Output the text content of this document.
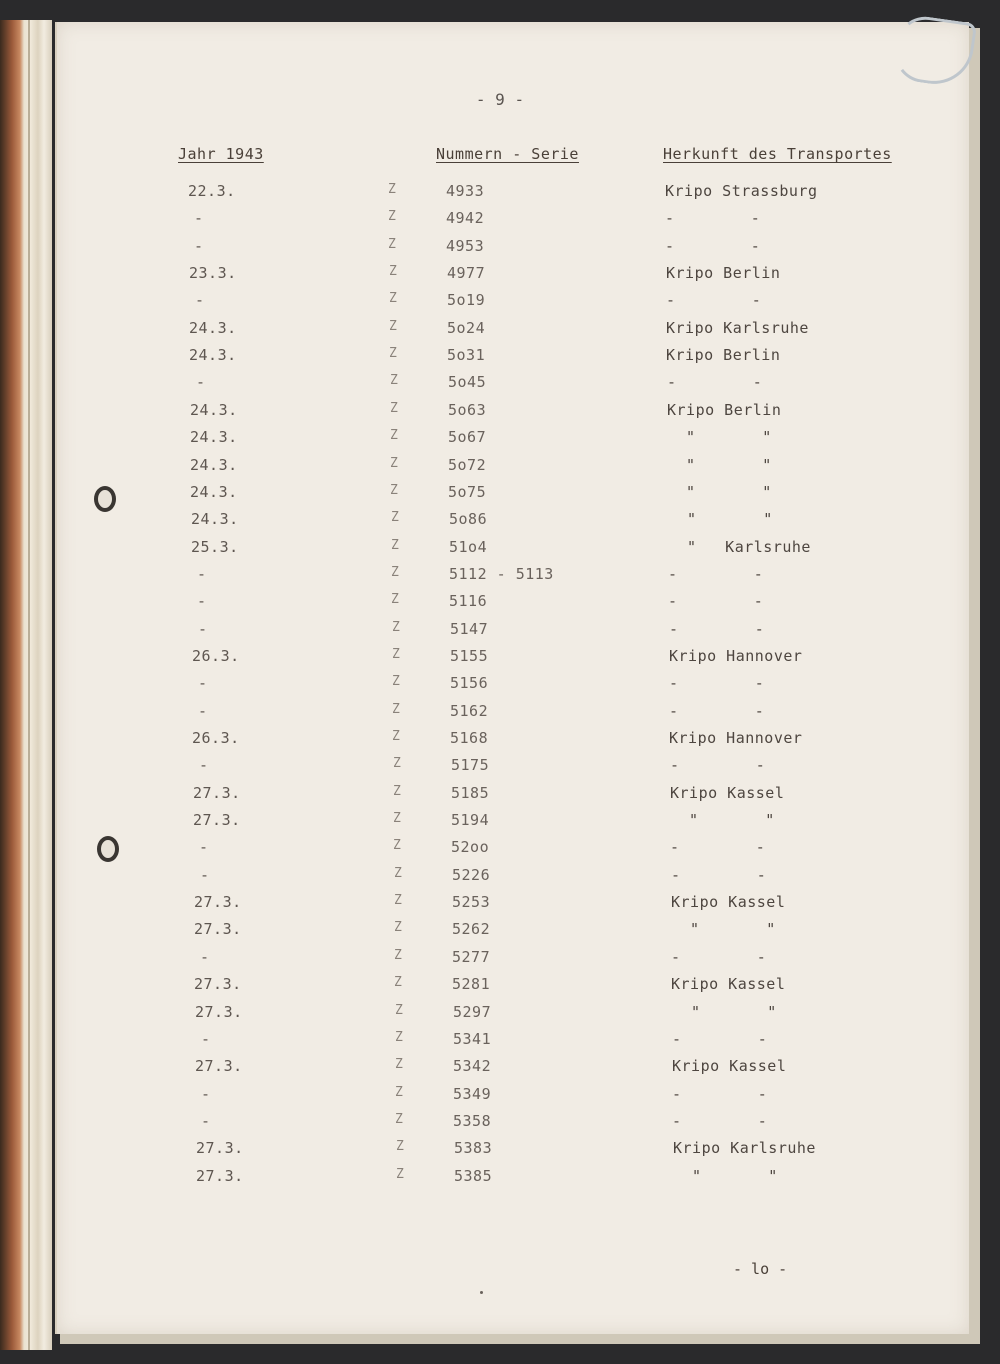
- 9 -
Jahr 1943	Nummern - Serie	Herkunft des Transportes
22.3.	Z	4933	Kripo Strassburg
-	Z	4942	-        -
-	Z	4953	-        -
23.3.	Z	4977	Kripo Berlin
-	Z	5o19	-        -
24.3.	Z	5o24	Kripo Karlsruhe
24.3.	Z	5o31	Kripo Berlin
-	Z	5o45	-        -
24.3.	Z	5o63	Kripo Berlin
24.3.	Z	5o67	"       "
24.3.	Z	5o72	"       "
24.3.	Z	5o75	"       "
24.3.	Z	5o86	"       "
25.3.	Z	51o4	"   Karlsruhe
-	Z	5112 - 5113	-        -
-	Z	5116	-        -
-	Z	5147	-        -
26.3.	Z	5155	Kripo Hannover
-	Z	5156	-        -
-	Z	5162	-        -
26.3.	Z	5168	Kripo Hannover
-	Z	5175	-        -
27.3.	Z	5185	Kripo Kassel
27.3.	Z	5194	"       "
-	Z	52oo	-        -
-	Z	5226	-        -
27.3.	Z	5253	Kripo Kassel
27.3.	Z	5262	"       "
-	Z	5277	-        -
27.3.	Z	5281	Kripo Kassel
27.3.	Z	5297	"       "
-	Z	5341	-        -
27.3.	Z	5342	Kripo Kassel
-	Z	5349	-        -
-	Z	5358	-        -
27.3.	Z	5383	Kripo Karlsruhe
27.3.	Z	5385	"       "
- lo -
